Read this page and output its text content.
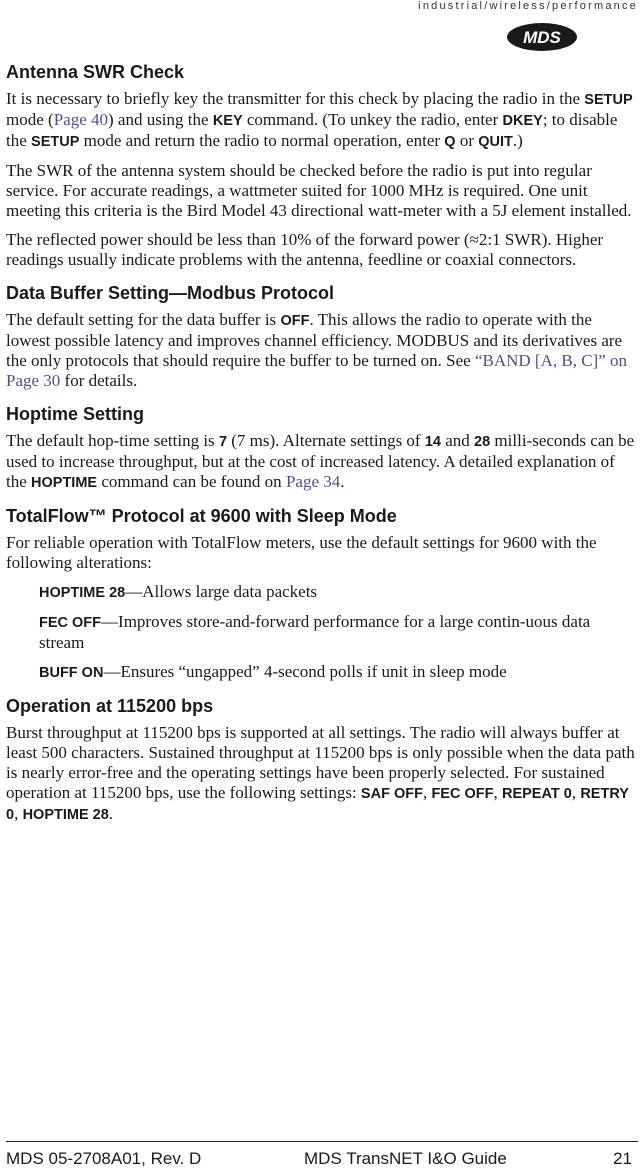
industrial/wireless/performance
MDS
Antenna SWR Check

It is necessary to briefly key the transmitter for this check by placing the radio in the SETUP mode (Page 40) and using the KEY command. (To unkey the radio, enter DKEY; to disable the SETUP mode and return the radio to normal operation, enter Q or QUIT.)

The SWR of the antenna system should be checked before the radio is put into regular service. For accurate readings, a wattmeter suited for 1000 MHz is required. One unit meeting this criteria is the Bird Model 43 directional watt-meter with a 5J element installed.

The reflected power should be less than 10% of the forward power (≈2:1 SWR). Higher readings usually indicate problems with the antenna, feedline or coaxial connectors.

Data Buffer Setting—Modbus Protocol

The default setting for the data buffer is OFF. This allows the radio to operate with the lowest possible latency and improves channel efficiency. MODBUS and its derivatives are the only protocols that should require the buffer to be turned on. See “BAND [A, B, C]” on Page 30 for details.

Hoptime Setting

The default hop-time setting is 7 (7 ms). Alternate settings of 14 and 28 milli-seconds can be used to increase throughput, but at the cost of increased latency. A detailed explanation of the HOPTIME command can be found on Page 34.

TotalFlow™ Protocol at 9600 with Sleep Mode

For reliable operation with TotalFlow meters, use the default settings for 9600 with the following alterations:

HOPTIME 28—Allows large data packets

FEC OFF—Improves store-and-forward performance for a large contin-uous data stream

BUFF ON—Ensures “ungapped” 4-second polls if unit in sleep mode

Operation at 115200 bps

Burst throughput at 115200 bps is supported at all settings. The radio will always buffer at least 500 characters. Sustained throughput at 115200 bps is only possible when the data path is nearly error-free and the operating settings have been properly selected. For sustained operation at 115200 bps, use the following settings: SAF OFF, FEC OFF, REPEAT 0, RETRY 0, HOPTIME 28.

MDS 05-2708A01, Rev. D	MDS TransNET I&O Guide	21
